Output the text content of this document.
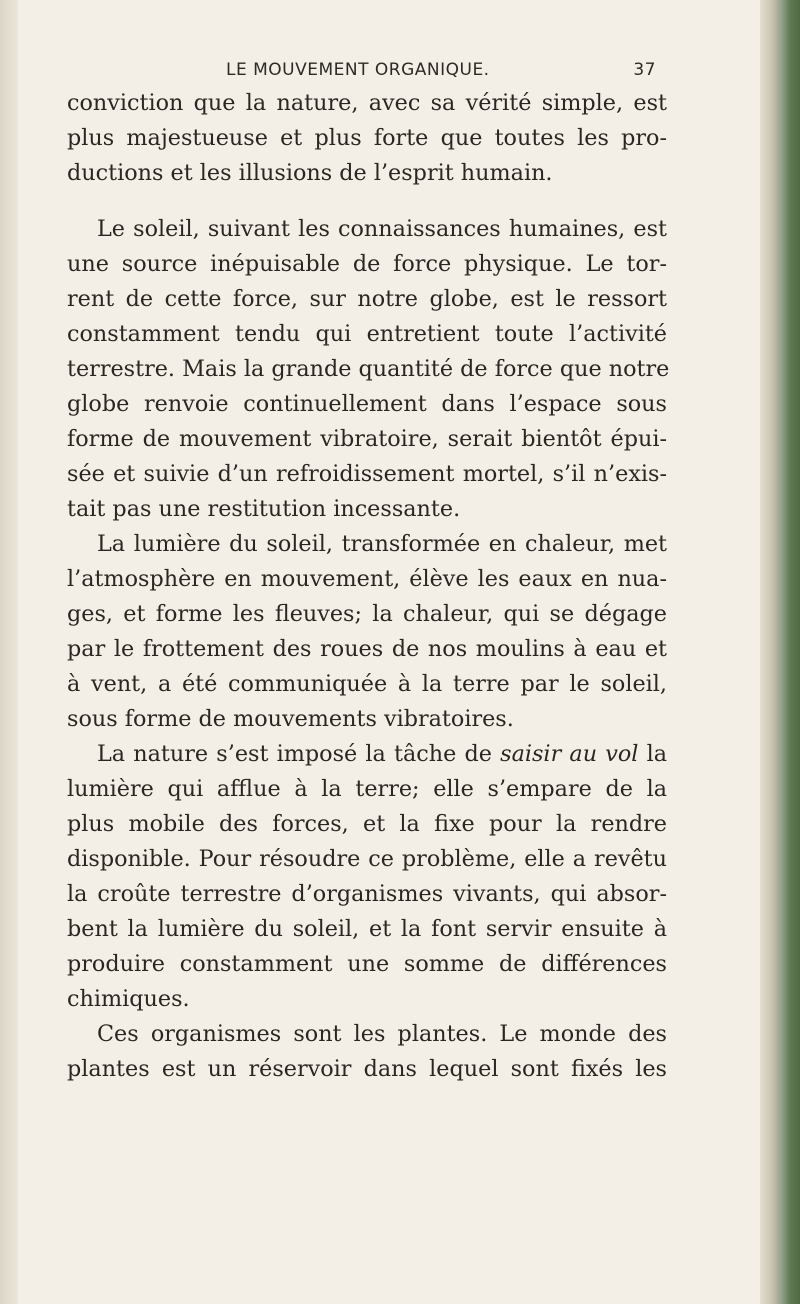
LE MOUVEMENT ORGANIQUE.	37
conviction que la nature, avec sa vérité simple, est
plus majestueuse et plus forte que toutes les pro-
ductions et les illusions de l’esprit humain.
Le soleil, suivant les connaissances humaines, est
une source inépuisable de force physique. Le tor-
rent de cette force, sur notre globe, est le ressort
constamment tendu qui entretient toute l’activité
terrestre. Mais la grande quantité de force que notre
globe renvoie continuellement dans l’espace sous
forme de mouvement vibratoire, serait bientôt épui-
sée et suivie d’un refroidissement mortel, s’il n’exis-
tait pas une restitution incessante.
La lumière du soleil, transformée en chaleur, met
l’atmosphère en mouvement, élève les eaux en nua-
ges, et forme les fleuves; la chaleur, qui se dégage
par le frottement des roues de nos moulins à eau et
à vent, a été communiquée à la terre par le soleil,
sous forme de mouvements vibratoires.
La nature s’est imposé la tâche de saisir au vol la
lumière qui afflue à la terre; elle s’empare de la
plus mobile des forces, et la fixe pour la rendre
disponible. Pour résoudre ce problème, elle a revêtu
la croûte terrestre d’organismes vivants, qui absor-
bent la lumière du soleil, et la font servir ensuite à
produire constamment une somme de différences
chimiques.
Ces organismes sont les plantes. Le monde des
plantes est un réservoir dans lequel sont fixés les
